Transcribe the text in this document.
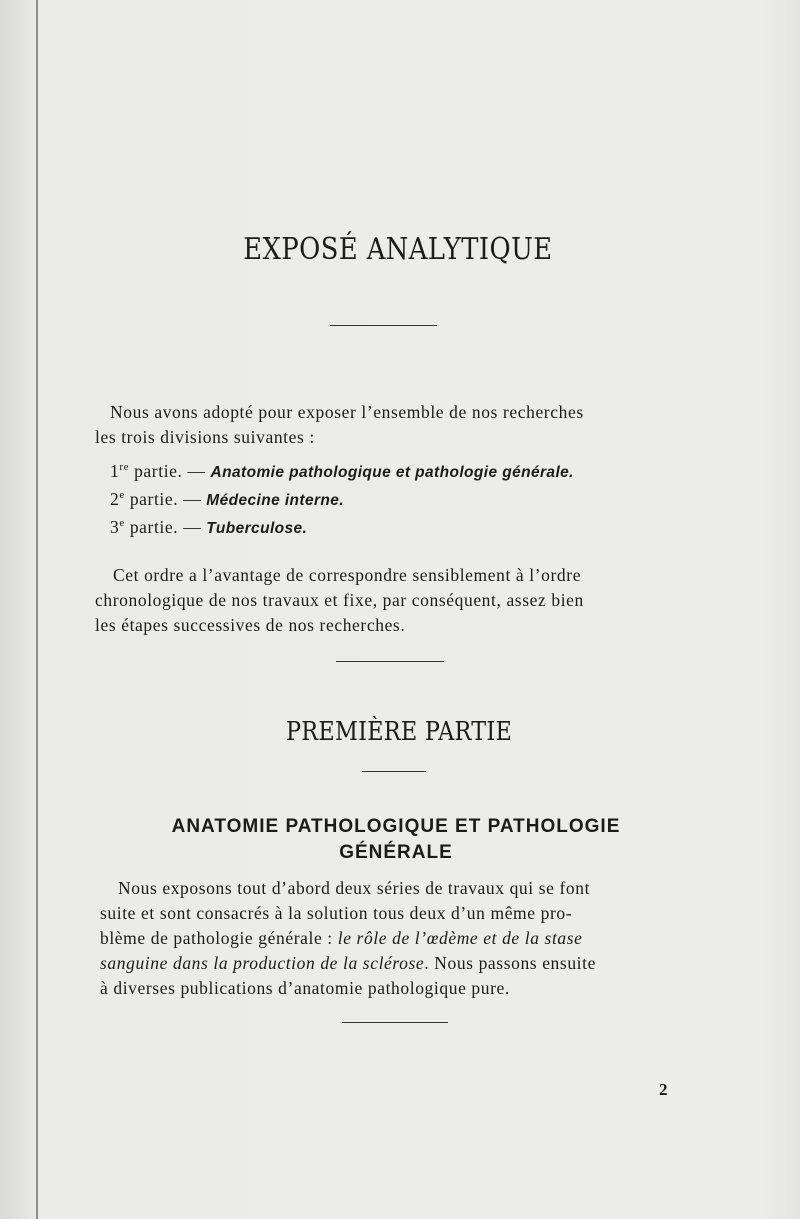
EXPOSÉ ANALYTIQUE
Nous avons adopté pour exposer l’ensemble de nos recherches
les trois divisions suivantes :
1re partie. — Anatomie pathologique et pathologie générale.
2e partie. — Médecine interne.
3e partie. — Tuberculose.
Cet ordre a l’avantage de correspondre sensiblement à l’ordre
chronologique de nos travaux et fixe, par conséquent, assez bien
les étapes successives de nos recherches.
PREMIÈRE PARTIE
ANATOMIE PATHOLOGIQUE ET PATHOLOGIE
GÉNÉRALE
Nous exposons tout d’abord deux séries de travaux qui se font
suite et sont consacrés à la solution tous deux d’un même pro-
blème de pathologie générale : le rôle de l’œdème et de la stase
sanguine dans la production de la sclérose. Nous passons ensuite
à diverses publications d’anatomie pathologique pure.
2
